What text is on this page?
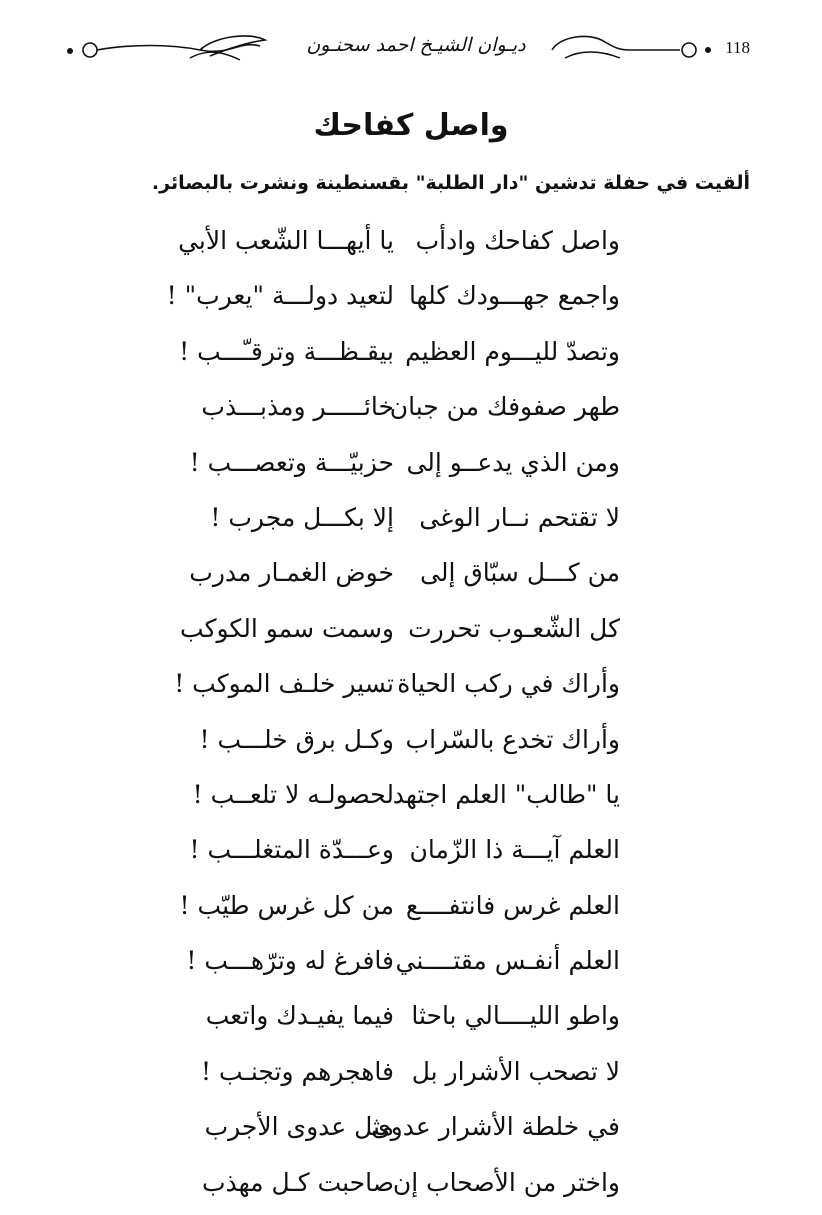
ديـوان الشيـخ احمد سحنـون	118
واصل كفاحك
ألقيت في حفلة تدشين "دار الطلبة" بقسنطينة ونشرت بالبصائر.
واصل كفاحك وادأب
يا أيهـــا الشّعب الأبي
واجمع جهـــودك كلها
لتعيد دولـــة "يعرب" !
وتصدّ لليـــوم العظيم
بيقـظـــة وترقـّـــب !
طهر صفوفك من جبان
خائـــــر ومذبـــذب
ومن الذي يدعــو إلى
حزبيّـــة وتعصـــب !
لا تقتحم نــار الوغى
إلا بكـــل مجرب !
من كـــل سبّاق إلى
خوض الغمـار مدرب
كل الشّعـوب تحررت
وسمت سمو الكوكب
وأراك في ركب الحياة
تسير خلـف الموكب !
وأراك تخدع بالسّراب
وكـل برق خلـــب !
يا "طالب" العلم اجتهد
لحصولـه لا تلعــب !
العلم آيـــة ذا الزّمان
وعـــدّة المتغلـــب !
العلم غرس فانتفــــع
من كل غرس طيّب !
العلم أنفـس مقتــــني
فافرغ له وترّهـــب !
واطو الليــــالي باحثا
فيما يفيـدك واتعب
لا تصحب الأشرار بل
فاهجرهم وتجنـب !
في خلطة الأشرار عدوى
مثل عدوى الأجرب
واختر من الأصحاب إن
صاحبت كـل مهذب
